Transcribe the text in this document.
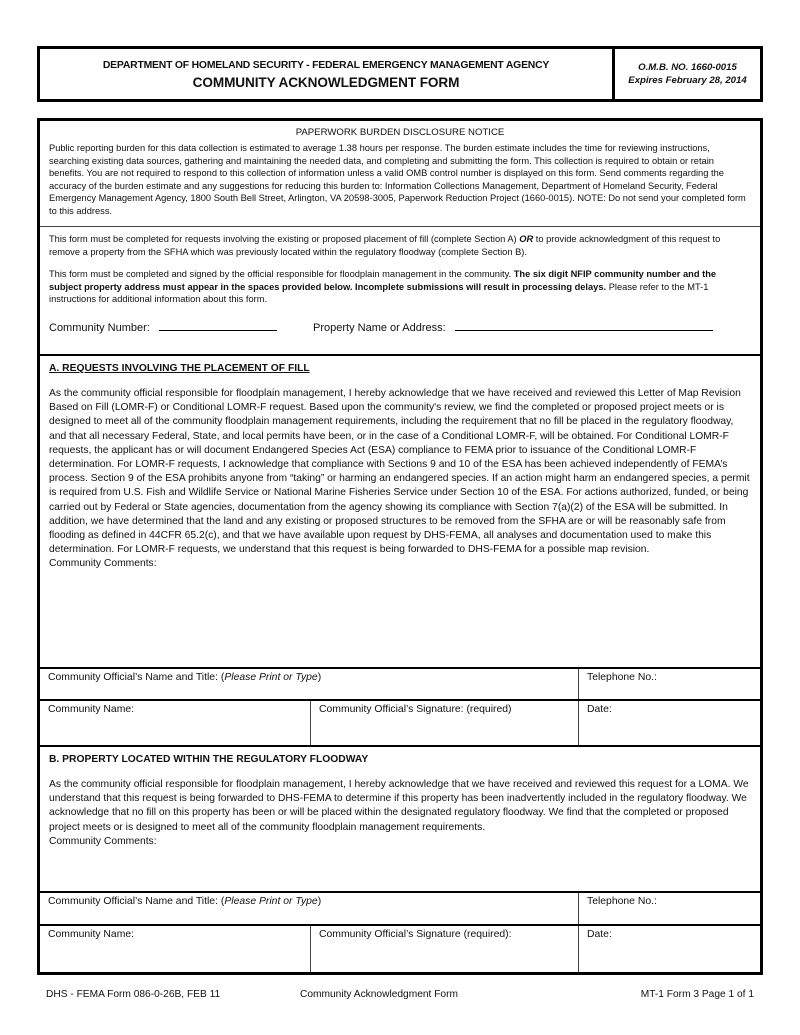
DEPARTMENT OF HOMELAND SECURITY - FEDERAL EMERGENCY MANAGEMENT AGENCY
COMMUNITY ACKNOWLEDGMENT FORM
O.M.B. NO. 1660-0015
Expires February 28, 2014
PAPERWORK BURDEN DISCLOSURE NOTICE
Public reporting burden for this data collection is estimated to average 1.38 hours per response. The burden estimate includes the time for reviewing instructions, searching existing data sources, gathering and maintaining the needed data, and completing and submitting the form. This collection is required to obtain or retain benefits. You are not required to respond to this collection of information unless a valid OMB control number is displayed on this form. Send comments regarding the accuracy of the burden estimate and any suggestions for reducing this burden to: Information Collections Management, Department of Homeland Security, Federal Emergency Management Agency, 1800 South Bell Street, Arlington, VA 20598-3005, Paperwork Reduction Project (1660-0015). NOTE: Do not send your completed form to this address.

This form must be completed for requests involving the existing or proposed placement of fill (complete Section A) OR to provide acknowledgment of this request to remove a property from the SFHA which was previously located within the regulatory floodway (complete Section B).

This form must be completed and signed by the official responsible for floodplain management in the community. The six digit NFIP community number and the subject property address must appear in the spaces provided below. Incomplete submissions will result in processing delays. Please refer to the MT-1 instructions for additional information about this form.

Community Number:	Property Name or Address:
A. REQUESTS INVOLVING THE PLACEMENT OF FILL
As the community official responsible for floodplain management, I hereby acknowledge that we have received and reviewed this Letter of Map Revision Based on Fill (LOMR-F) or Conditional LOMR-F request. Based upon the community's review, we find the completed or proposed project meets or is designed to meet all of the community floodplain management requirements, including the requirement that no fill be placed in the regulatory floodway, and that all necessary Federal, State, and local permits have been, or in the case of a Conditional LOMR-F, will be obtained. For Conditional LOMR-F requests, the applicant has or will document Endangered Species Act (ESA) compliance to FEMA prior to issuance of the Conditional LOMR-F determination. For LOMR-F requests, I acknowledge that compliance with Sections 9 and 10 of the ESA has been achieved independently of FEMA’s process. Section 9 of the ESA prohibits anyone from “taking” or harming an endangered species. If an action might harm an endangered species, a permit is required from U.S. Fish and Wildlife Service or National Marine Fisheries Service under Section 10 of the ESA. For actions authorized, funded, or being carried out by Federal or State agencies, documentation from the agency showing its compliance with Section 7(a)(2) of the ESA will be submitted. In addition, we have determined that the land and any existing or proposed structures to be removed from the SFHA are or will be reasonably safe from flooding as defined in 44CFR 65.2(c), and that we have available upon request by DHS-FEMA, all analyses and documentation used to make this determination. For LOMR-F requests, we understand that this request is being forwarded to DHS-FEMA for a possible map revision.
Community Comments:
Community Official’s Name and Title: (Please Print or Type)	Telephone No.:
Community Name:	Community Official’s Signature: (required)	Date:
B. PROPERTY LOCATED WITHIN THE REGULATORY FLOODWAY
As the community official responsible for floodplain management, I hereby acknowledge that we have received and reviewed this request for a LOMA. We understand that this request is being forwarded to DHS-FEMA to determine if this property has been inadvertently included in the regulatory floodway. We acknowledge that no fill on this property has been or will be placed within the designated regulatory floodway. We find that the completed or proposed project meets or is designed to meet all of the community floodplain management requirements.
Community Comments:
Community Official’s Name and Title: (Please Print or Type)	Telephone No.:
Community Name:	Community Official’s Signature (required):	Date:
DHS - FEMA Form 086-0-26B, FEB 11	Community Acknowledgment Form	MT-1 Form 3 Page 1 of 1
